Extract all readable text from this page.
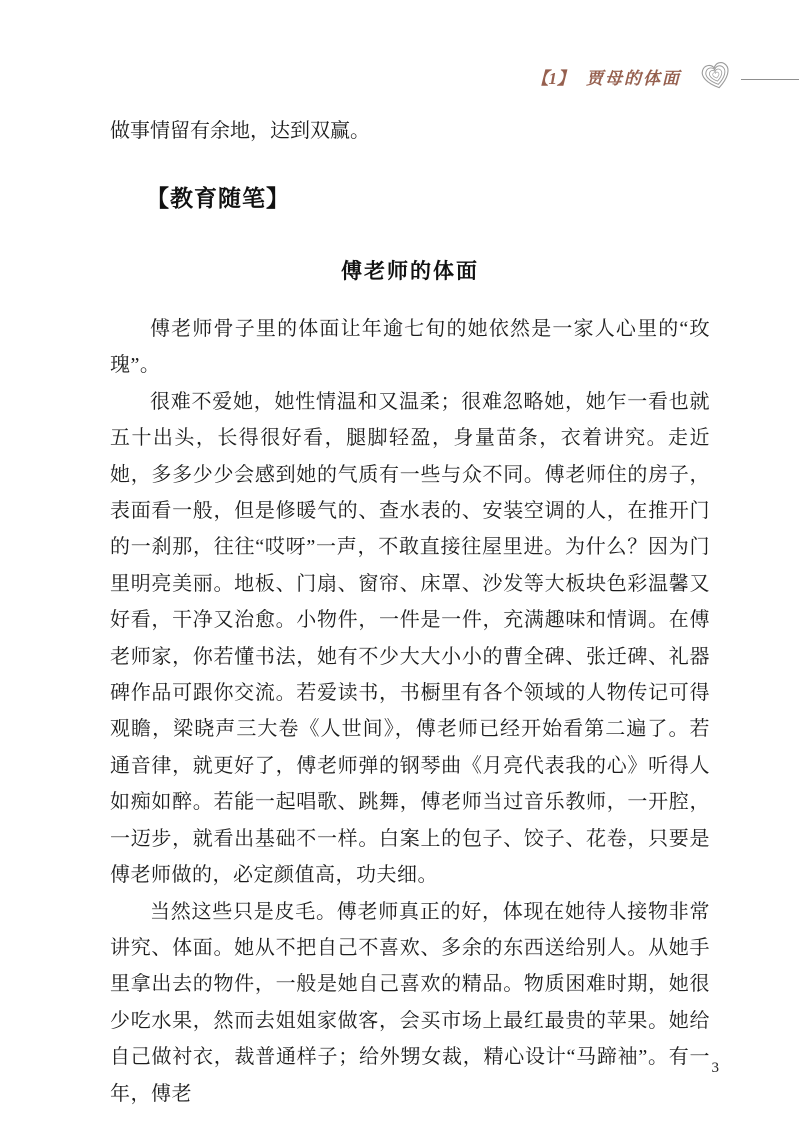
【1】 贾母的体面

做事情留有余地，达到双赢。

【教育随笔】
傅老师的体面

傅老师骨子里的体面让年逾七旬的她依然是一家人心里的“玫瑰”。

很难不爱她，她性情温和又温柔；很难忽略她，她乍一看也就五十出头，长得很好看，腿脚轻盈，身量苗条，衣着讲究。走近她，多多少少会感到她的气质有一些与众不同。傅老师住的房子，表面看一般，但是修暖气的、查水表的、安装空调的人，在推开门的一刹那，往往“哎呀”一声，不敢直接往屋里进。为什么？因为门里明亮美丽。地板、门扇、窗帘、床罩、沙发等大板块色彩温馨又好看，干净又治愈。小物件，一件是一件，充满趣味和情调。在傅老师家，你若懂书法，她有不少大大小小的曹全碑、张迁碑、礼器碑作品可跟你交流。若爱读书，书橱里有各个领域的人物传记可得观瞻，梁晓声三大卷《人世间》，傅老师已经开始看第二遍了。若通音律，就更好了，傅老师弹的钢琴曲《月亮代表我的心》听得人如痴如醉。若能一起唱歌、跳舞，傅老师当过音乐教师，一开腔，一迈步，就看出基础不一样。白案上的包子、饺子、花卷，只要是傅老师做的，必定颜值高，功夫细。

当然这些只是皮毛。傅老师真正的好，体现在她待人接物非常讲究、体面。她从不把自己不喜欢、多余的东西送给别人。从她手里拿出去的物件，一般是她自己喜欢的精品。物质困难时期，她很少吃水果，然而去姐姐家做客，会买市场上最红最贵的苹果。她给自己做衬衣，裁普通样子；给外甥女裁，精心设计“马蹄袖”。有一年，傅老

3
